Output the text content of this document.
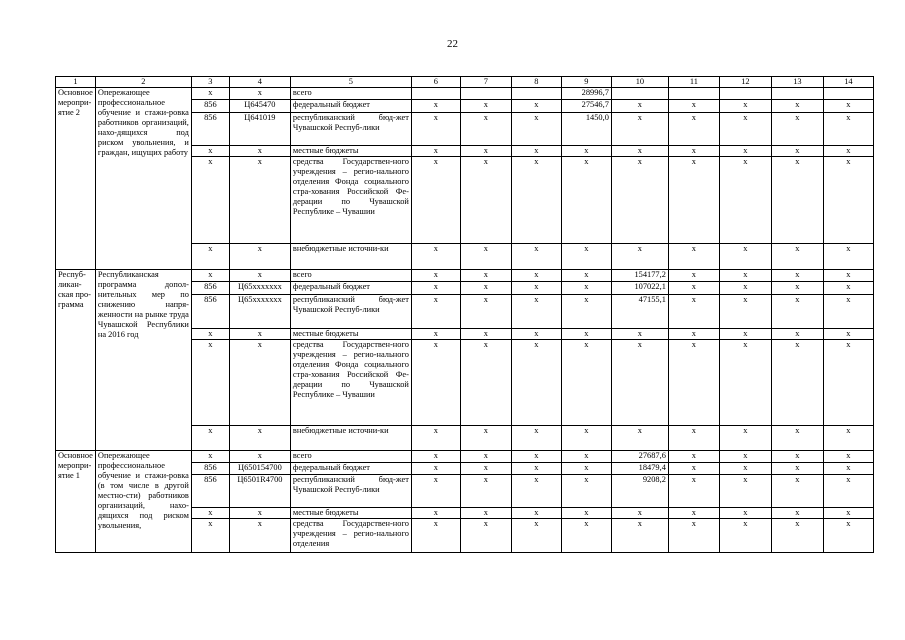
22
1	2	3	4	5	6	7	8	9	10	11	12	13	14
Основное меропри-ятие 2	Опережающее профессиональное обучение и стажи-ровка работников организаций, нахо-дящихся под риском увольнения, и граждан, ищущих работу	х	х	всего				28996,7					
		856	Ц645470	федеральный бюджет	х	х	х	27546,7	х	х	х	х	х
		856	Ц641019	республиканский бюд-жет Чувашской Респуб-лики	х	х	х	1450,0	х	х	х	х	х
		х	х	местные бюджеты	х	х	х	х	х	х	х	х	х
		х	х	средства Государствен-ного учреждения – регио-нального отделения Фонда социального стра-хования Российской Фе-дерации по Чувашской Республике – Чувашии	х	х	х	х	х	х	х	х	х
		х	х	внебюджетные источни-ки	х	х	х	х	х	х	х	х	х
Респуб-ликан-ская про-грамма	Республиканская программа допол-нительных мер по снижению напря-женности на рынке труда Чувашской Республики на 2016 год	х	х	всего	х	х	х	х	154177,2	х	х	х	х
		856	Ц65ххххххх	федеральный бюджет	х	х	х	х	107022,1	х	х	х	х
		856	Ц65ххххххх	республиканский бюд-жет Чувашской Респуб-лики	х	х	х	х	47155,1	х	х	х	х
		х	х	местные бюджеты	х	х	х	х	х	х	х	х	х
		х	х	средства Государствен-ного учреждения – регио-нального отделения Фонда социального стра-хования Российской Фе-дерации по Чувашской Республике – Чувашии	х	х	х	х	х	х	х	х	х
		х	х	внебюджетные источни-ки	х	х	х	х	х	х	х	х	х
Основное меропри-ятие 1	Опережающее профессиональное обучение и стажи-ровка (в том числе в другой местно-сти) работников организаций, нахо-дящихся под риском увольнения,	х	х	всего	х	х	х	х	27687,6	х	х	х	х
		856	Ц650154700	федеральный бюджет	х	х	х	х	18479,4	х	х	х	х
		856	Ц6501R4700	республиканский бюд-жет Чувашской Респуб-лики	х	х	х	х	9208,2	х	х	х	х
		х	х	местные бюджеты	х	х	х	х	х	х	х	х	х
		х	х	средства Государствен-ного учреждения – регио-нального отделения	х	х	х	х	х	х	х	х	х
